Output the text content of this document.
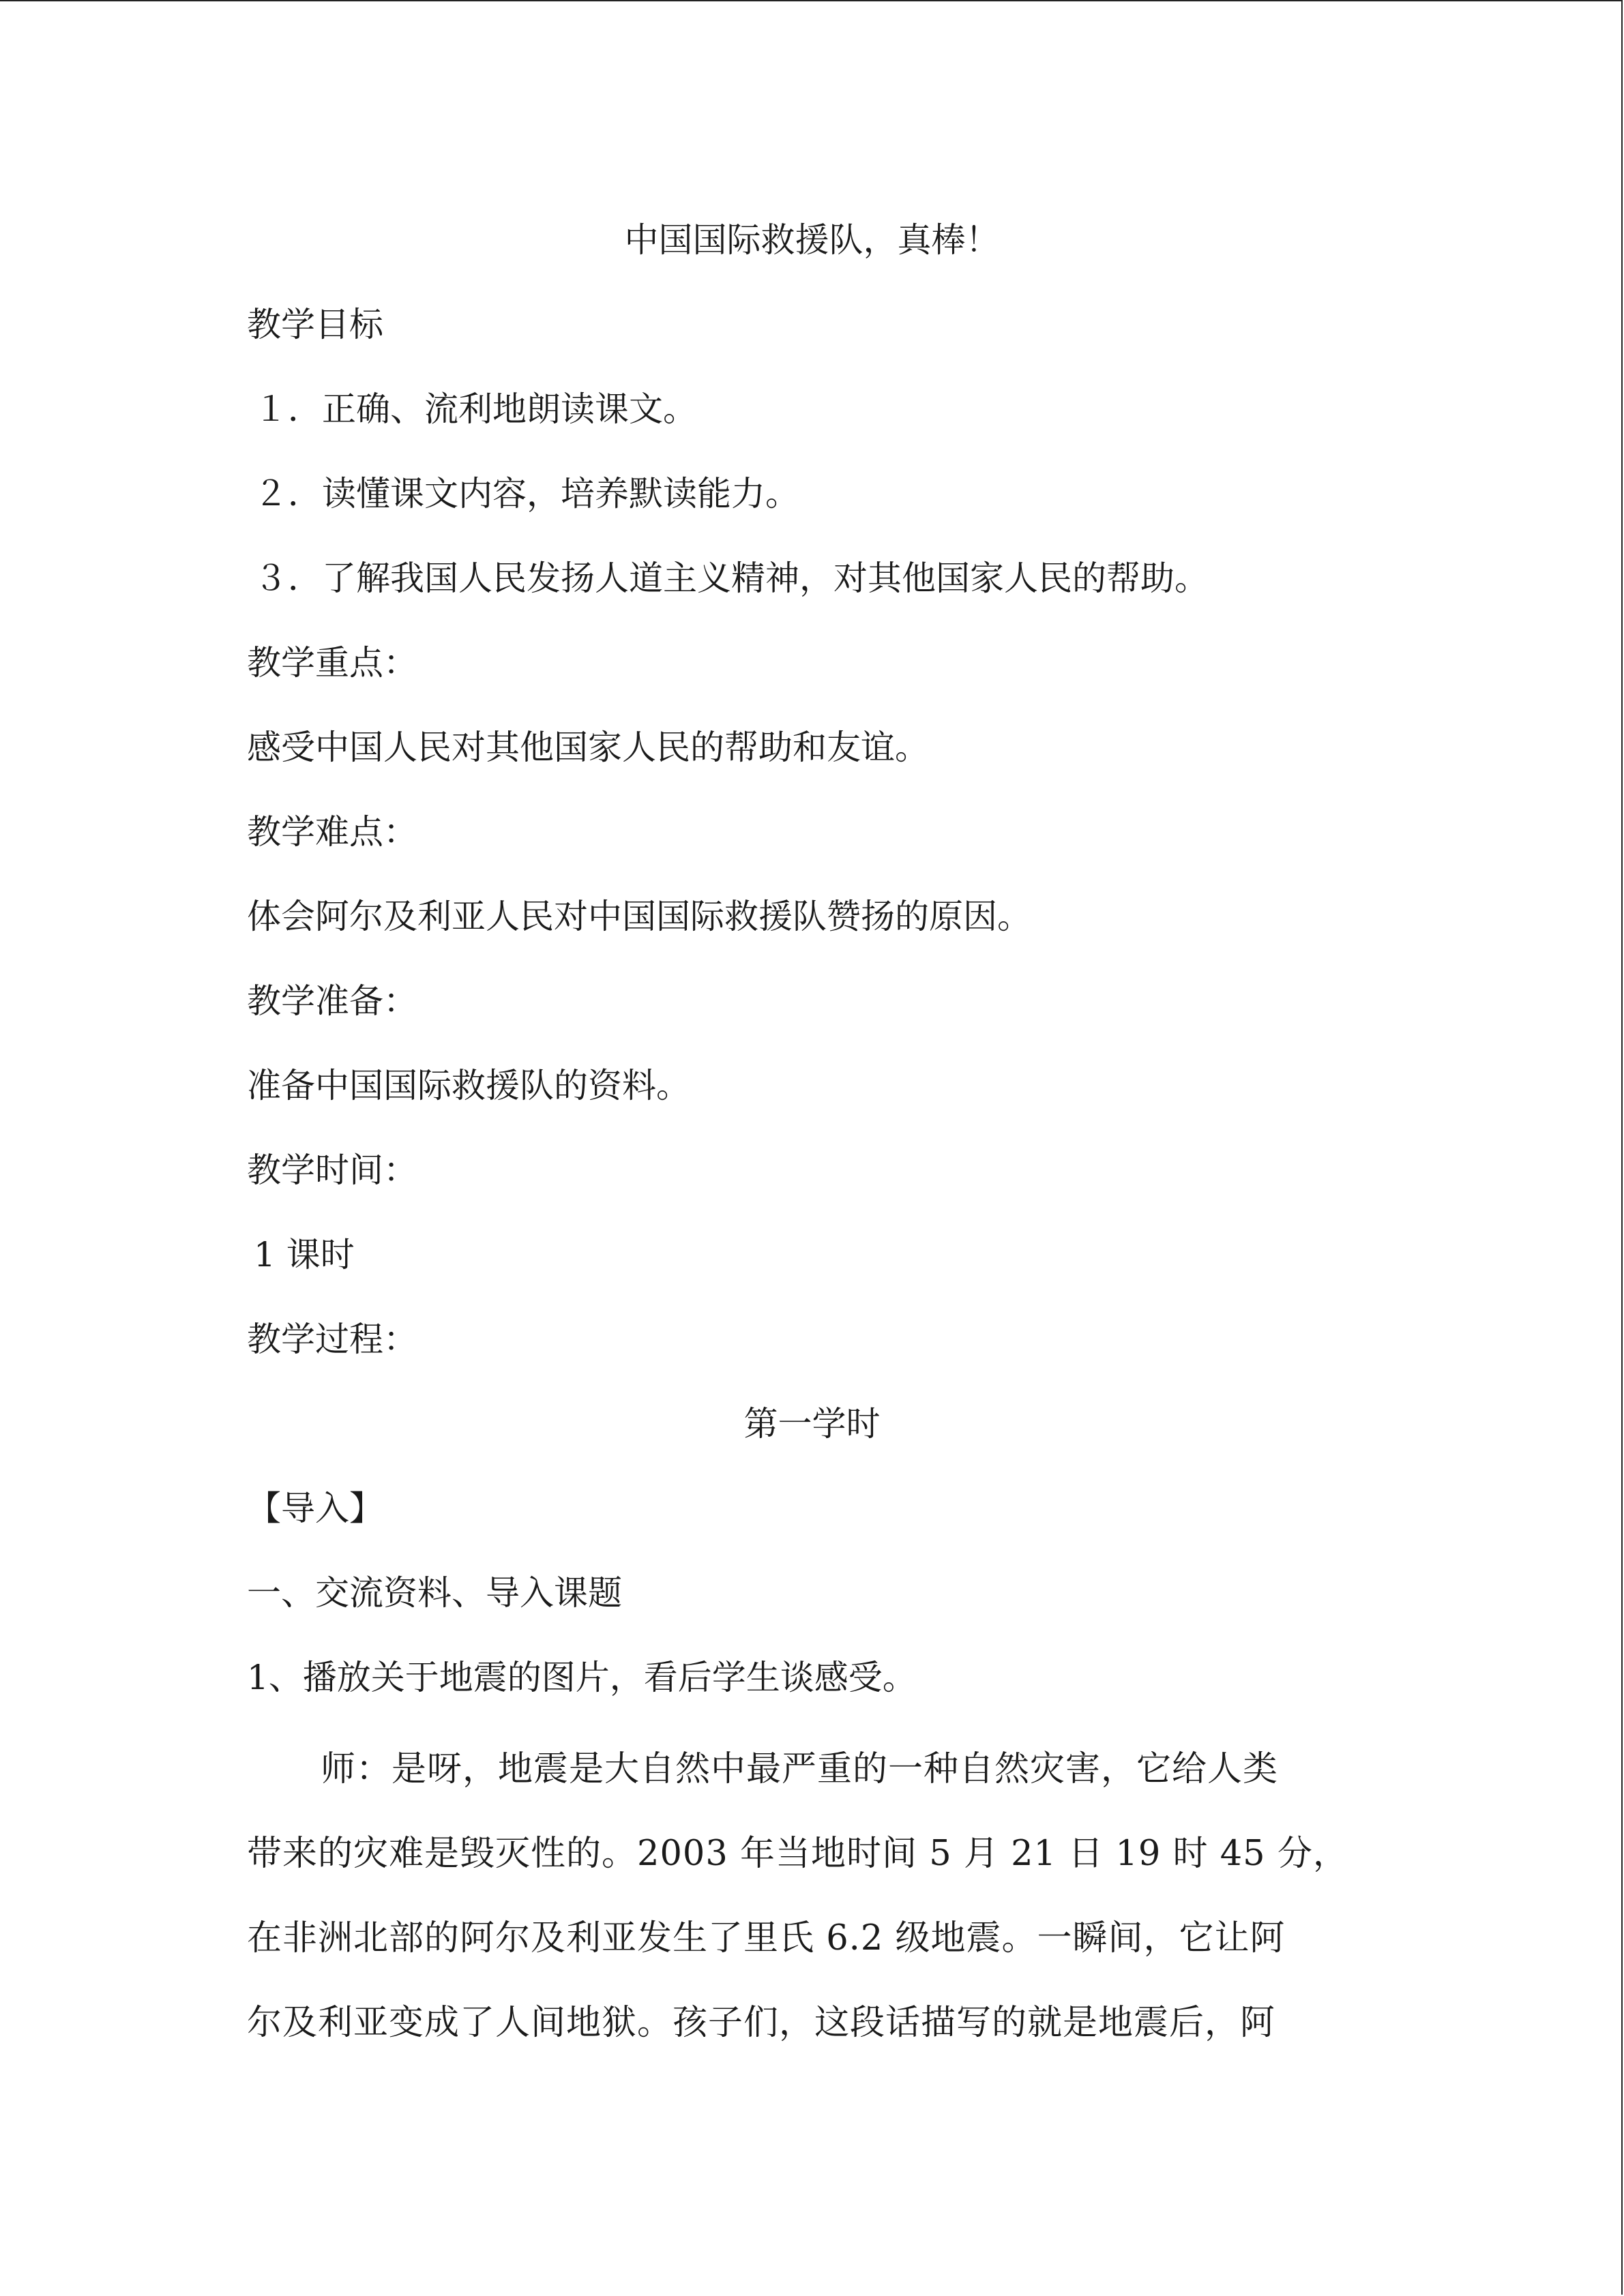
中国国际救援队，真棒！
教学目标
１．正确、流利地朗读课文。
２．读懂课文内容，培养默读能力。
３．了解我国人民发扬人道主义精神，对其他国家人民的帮助。
教学重点：
感受中国人民对其他国家人民的帮助和友谊。
教学难点：
体会阿尔及利亚人民对中国国际救援队赞扬的原因。
教学准备：
准备中国国际救援队的资料。
教学时间：
1 课时
教学过程：
第一学时
【导入】
一、交流资料、导入课题
1、播放关于地震的图片，看后学生谈感受。
师：是呀，地震是大自然中最严重的一种自然灾害，它给人类
带来的灾难是毁灭性的。2003 年当地时间 5 月 21 日 19 时 45 分，
在非洲北部的阿尔及利亚发生了里氏 6.2 级地震。一瞬间，它让阿
尔及利亚变成了人间地狱。孩子们，这段话描写的就是地震后，阿
